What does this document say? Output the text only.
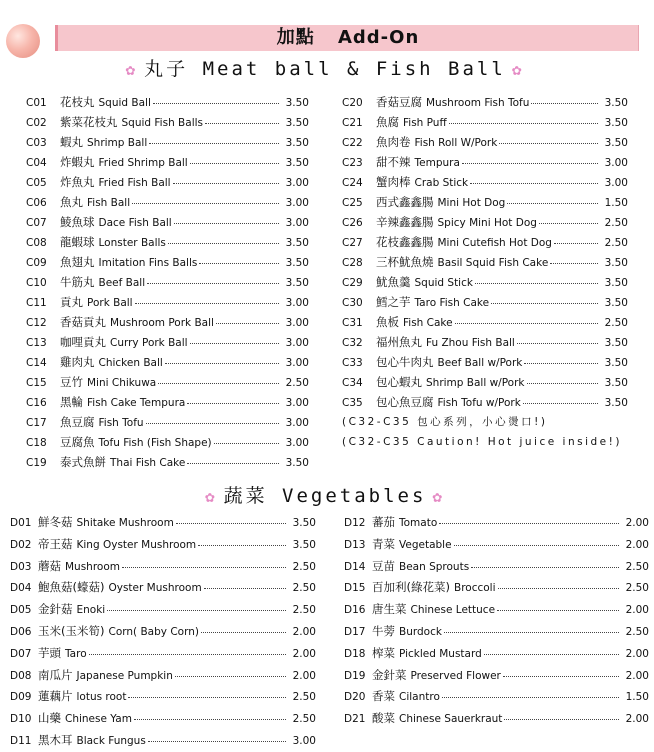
加點 Add-On
✿ 丸子 Meat ball & Fish Ball ✿
C01	花枝丸 Squid Ball	3.50
C02	紫菜花枝丸 Squid Fish Balls	3.50
C03	蝦丸 Shrimp Ball	3.50
C04	炸蝦丸 Fried Shrimp Ball	3.50
C05	炸魚丸 Fried Fish Ball	3.00
C06	魚丸 Fish Ball	3.00
C07	鯪魚球 Dace Fish Ball	3.00
C08	龍蝦球 Lonster Balls	3.50
C09	魚翅丸 Imitation Fins Balls	3.50
C10	牛筋丸 Beef Ball	3.50
C11	貢丸 Pork Ball	3.00
C12	香菇貢丸 Mushroom Pork Ball	3.00
C13	咖哩貢丸 Curry Pork Ball	3.00
C14	雞肉丸 Chicken Ball	3.00
C15	豆竹 Mini Chikuwa	2.50
C16	黑輪 Fish Cake Tempura	3.00
C17	魚豆腐 Fish Tofu	3.00
C18	豆腐魚 Tofu Fish (Fish Shape)	3.00
C19	泰式魚餅 Thai Fish Cake	3.50
C20	香菇豆腐 Mushroom Fish Tofu	3.50
C21	魚腐 Fish Puff	3.50
C22	魚肉卷 Fish Roll W/Pork	3.50
C23	甜不辣 Tempura	3.00
C24	蟹肉棒 Crab Stick	3.00
C25	西式鑫鑫腸 Mini Hot Dog	1.50
C26	辛辣鑫鑫腸 Spicy Mini Hot Dog	2.50
C27	花枝鑫鑫腸 Mini Cutefish Hot Dog	2.50
C28	三杯魷魚燒 Basil Squid Fish Cake	3.50
C29	魷魚羹 Squid Stick	3.50
C30	鱈之芋 Taro Fish Cake	3.50
C31	魚板 Fish Cake	2.50
C32	福州魚丸 Fu Zhou Fish Ball	3.50
C33	包心牛肉丸 Beef Ball w/Pork	3.50
C34	包心蝦丸 Shrimp Ball w/Pork	3.50
C35	包心魚豆腐 Fish Tofu w/Pork	3.50
(C32-C35 包心系列，小心燙口!)
(C32-C35 Caution! Hot juice inside!)
✿ 蔬菜 Vegetables ✿
D01 鮮冬菇 Shitake Mushroom	3.50
D02 帝王菇 King Oyster Mushroom	3.50
D03 蘑菇 Mushroom	2.50
D04 鮑魚菇(蠔菇) Oyster Mushroom	2.50
D05 金針菇 Enoki	2.50
D06 玉米(玉米筍) Corn( Baby Corn)	2.00
D07 芋頭 Taro	2.00
D08 南瓜片 Japanese Pumpkin	2.00
D09 蓮藕片 lotus root	2.50
D10 山藥 Chinese Yam	2.50
D11 黑木耳 Black Fungus	3.00
D12 蕃茄 Tomato	2.00
D13 青菜 Vegetable	2.00
D14 豆苗 Bean Sprouts	2.50
D15 百加利(綠花菜) Broccoli	2.50
D16 唐生菜 Chinese Lettuce	2.00
D17 牛蒡 Burdock	2.50
D18 榨菜 Pickled Mustard	2.00
D19 金針菜 Preserved Flower	2.00
D20 香菜 Cilantro	1.50
D21 酸菜 Chinese Sauerkraut	2.00
